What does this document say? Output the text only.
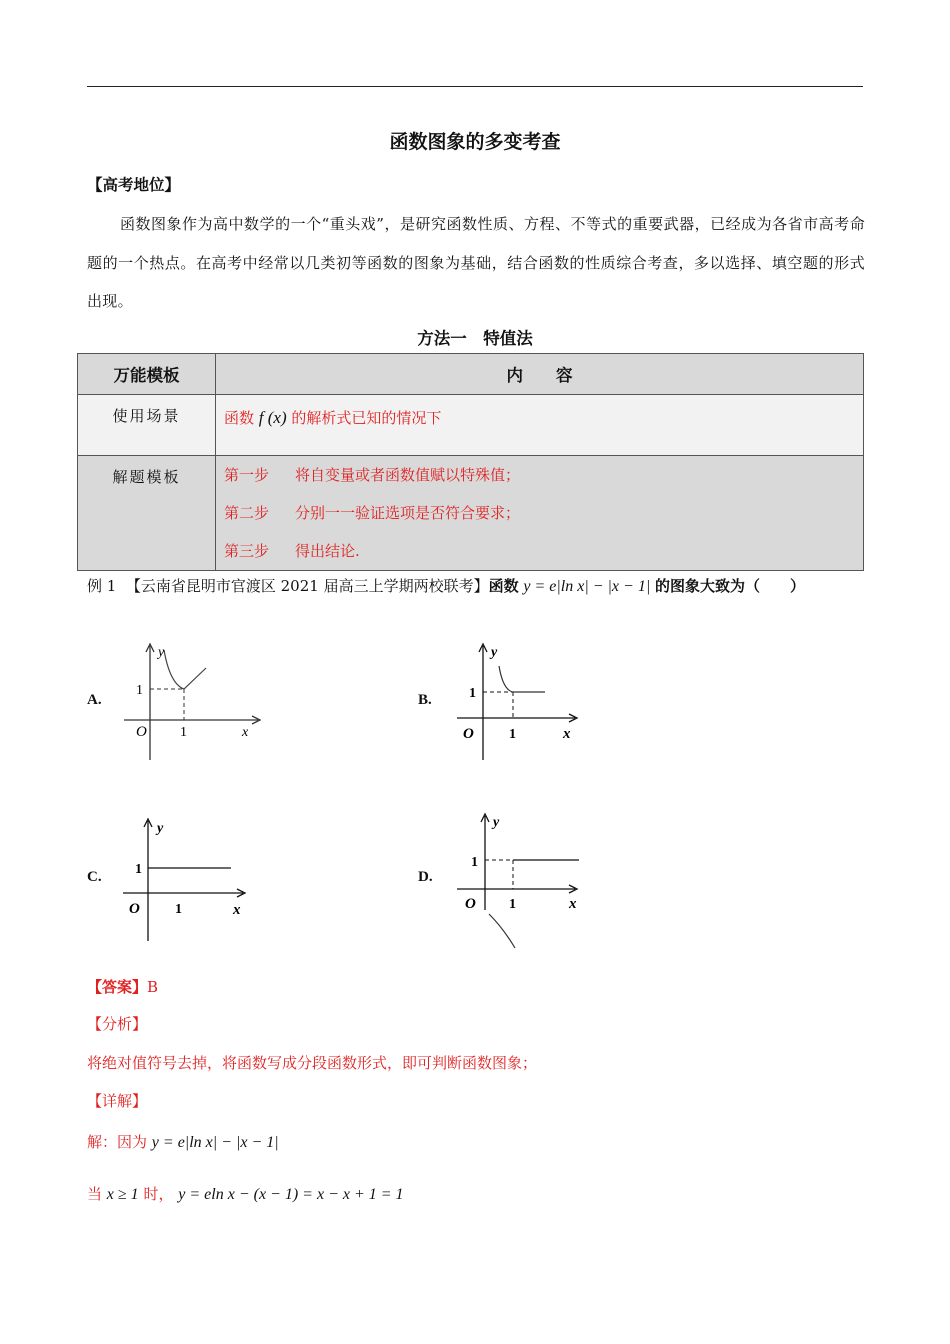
函数图象的多变考查
【高考地位】
函数图象作为高中数学的一个“重头戏”，是研究函数性质、方程、不等式的重要武器，已经成为各省市高考命题的一个热点。在高考中经常以几类初等函数的图象为基础，结合函数的性质综合考查，多以选择、填空题的形式出现。
方法一　特值法
万能模板	内　　容
使用场景	函数 f (x) 的解析式已知的情况下
解题模板	第一步 将自变量或者函数值赋以特殊值；
第二步 分别一一验证选项是否符合要求；
第三步 得出结论.
例 1 【云南省昆明市官渡区 2021 届高三上学期两校联考】函数 y = e|ln x| − |x − 1| 的图象大致为（　　）
A.
y
1
O 1	x
B.
y
1
O	1	x
C.
y
1
O	1	x
D.
y
1
O 1	x
【答案】B
【分析】
将绝对值符号去掉，将函数写成分段函数形式，即可判断函数图象；
【详解】
解：因为 y = e|ln x| − |x − 1|
当 x ≥ 1 时， y = eln x − (x − 1) = x − x + 1 = 1
